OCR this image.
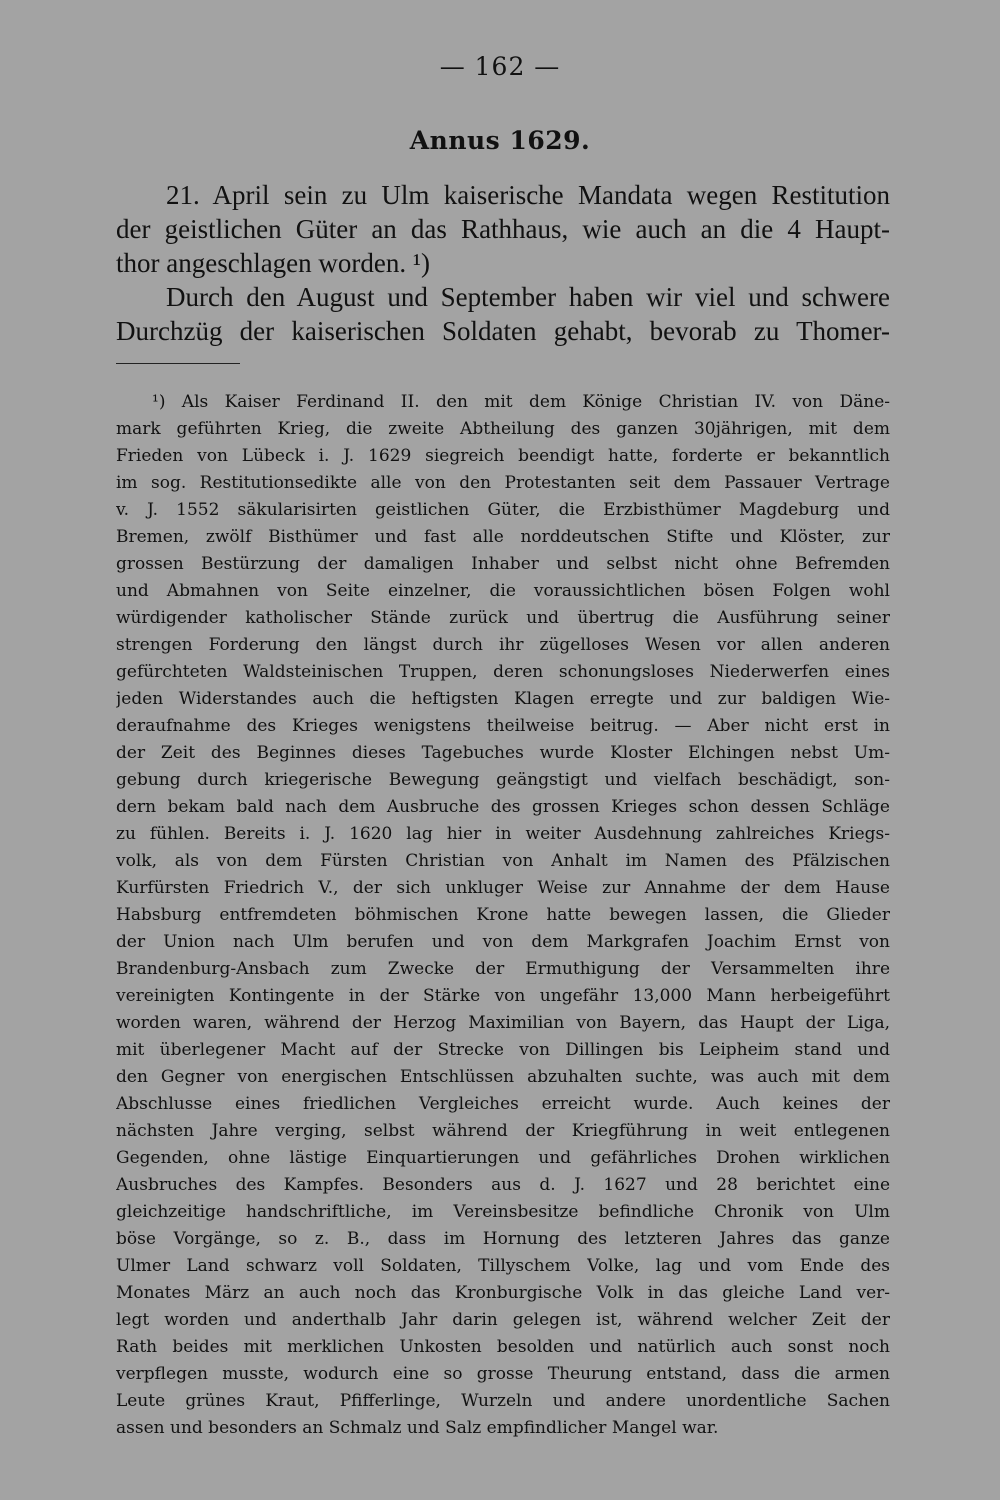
— 162 —
Annus 1629.
21. April sein zu Ulm kaiserische Mandata wegen Restitution
der geistlichen Güter an das Rathhaus, wie auch an die 4 Haupt-
thor angeschlagen worden. ¹)
Durch den August und September haben wir viel und schwere
Durchzüg der kaiserischen Soldaten gehabt, bevorab zu Thomer-
¹) Als Kaiser Ferdinand II. den mit dem Könige Christian IV. von Däne-
mark geführten Krieg, die zweite Abtheilung des ganzen 30jährigen, mit dem
Frieden von Lübeck i. J. 1629 siegreich beendigt hatte, forderte er bekanntlich
im sog. Restitutionsedikte alle von den Protestanten seit dem Passauer Vertrage
v. J. 1552 säkularisirten geistlichen Güter, die Erzbisthümer Magdeburg und
Bremen, zwölf Bisthümer und fast alle norddeutschen Stifte und Klöster, zur
grossen Bestürzung der damaligen Inhaber und selbst nicht ohne Befremden
und Abmahnen von Seite einzelner, die voraussichtlichen bösen Folgen wohl
würdigender katholischer Stände zurück und übertrug die Ausführung seiner
strengen Forderung den längst durch ihr zügelloses Wesen vor allen anderen
gefürchteten Waldsteinischen Truppen, deren schonungsloses Niederwerfen eines
jeden Widerstandes auch die heftigsten Klagen erregte und zur baldigen Wie-
deraufnahme des Krieges wenigstens theilweise beitrug. — Aber nicht erst in
der Zeit des Beginnes dieses Tagebuches wurde Kloster Elchingen nebst Um-
gebung durch kriegerische Bewegung geängstigt und vielfach beschädigt, son-
dern bekam bald nach dem Ausbruche des grossen Krieges schon dessen Schläge
zu fühlen. Bereits i. J. 1620 lag hier in weiter Ausdehnung zahlreiches Kriegs-
volk, als von dem Fürsten Christian von Anhalt im Namen des Pfälzischen
Kurfürsten Friedrich V., der sich unkluger Weise zur Annahme der dem Hause
Habsburg entfremdeten böhmischen Krone hatte bewegen lassen, die Glieder
der Union nach Ulm berufen und von dem Markgrafen Joachim Ernst von
Brandenburg-Ansbach zum Zwecke der Ermuthigung der Versammelten ihre
vereinigten Kontingente in der Stärke von ungefähr 13,000 Mann herbeigeführt
worden waren, während der Herzog Maximilian von Bayern, das Haupt der Liga,
mit überlegener Macht auf der Strecke von Dillingen bis Leipheim stand und
den Gegner von energischen Entschlüssen abzuhalten suchte, was auch mit dem
Abschlusse eines friedlichen Vergleiches erreicht wurde. Auch keines der
nächsten Jahre verging, selbst während der Kriegführung in weit entlegenen
Gegenden, ohne lästige Einquartierungen und gefährliches Drohen wirklichen
Ausbruches des Kampfes. Besonders aus d. J. 1627 und 28 berichtet eine
gleichzeitige handschriftliche, im Vereinsbesitze befindliche Chronik von Ulm
böse Vorgänge, so z. B., dass im Hornung des letzteren Jahres das ganze
Ulmer Land schwarz voll Soldaten, Tillyschem Volke, lag und vom Ende des
Monates März an auch noch das Kronburgische Volk in das gleiche Land ver-
legt worden und anderthalb Jahr darin gelegen ist, während welcher Zeit der
Rath beides mit merklichen Unkosten besolden und natürlich auch sonst noch
verpflegen musste, wodurch eine so grosse Theurung entstand, dass die armen
Leute grünes Kraut, Pfifferlinge, Wurzeln und andere unordentliche Sachen
assen und besonders an Schmalz und Salz empfindlicher Mangel war.
